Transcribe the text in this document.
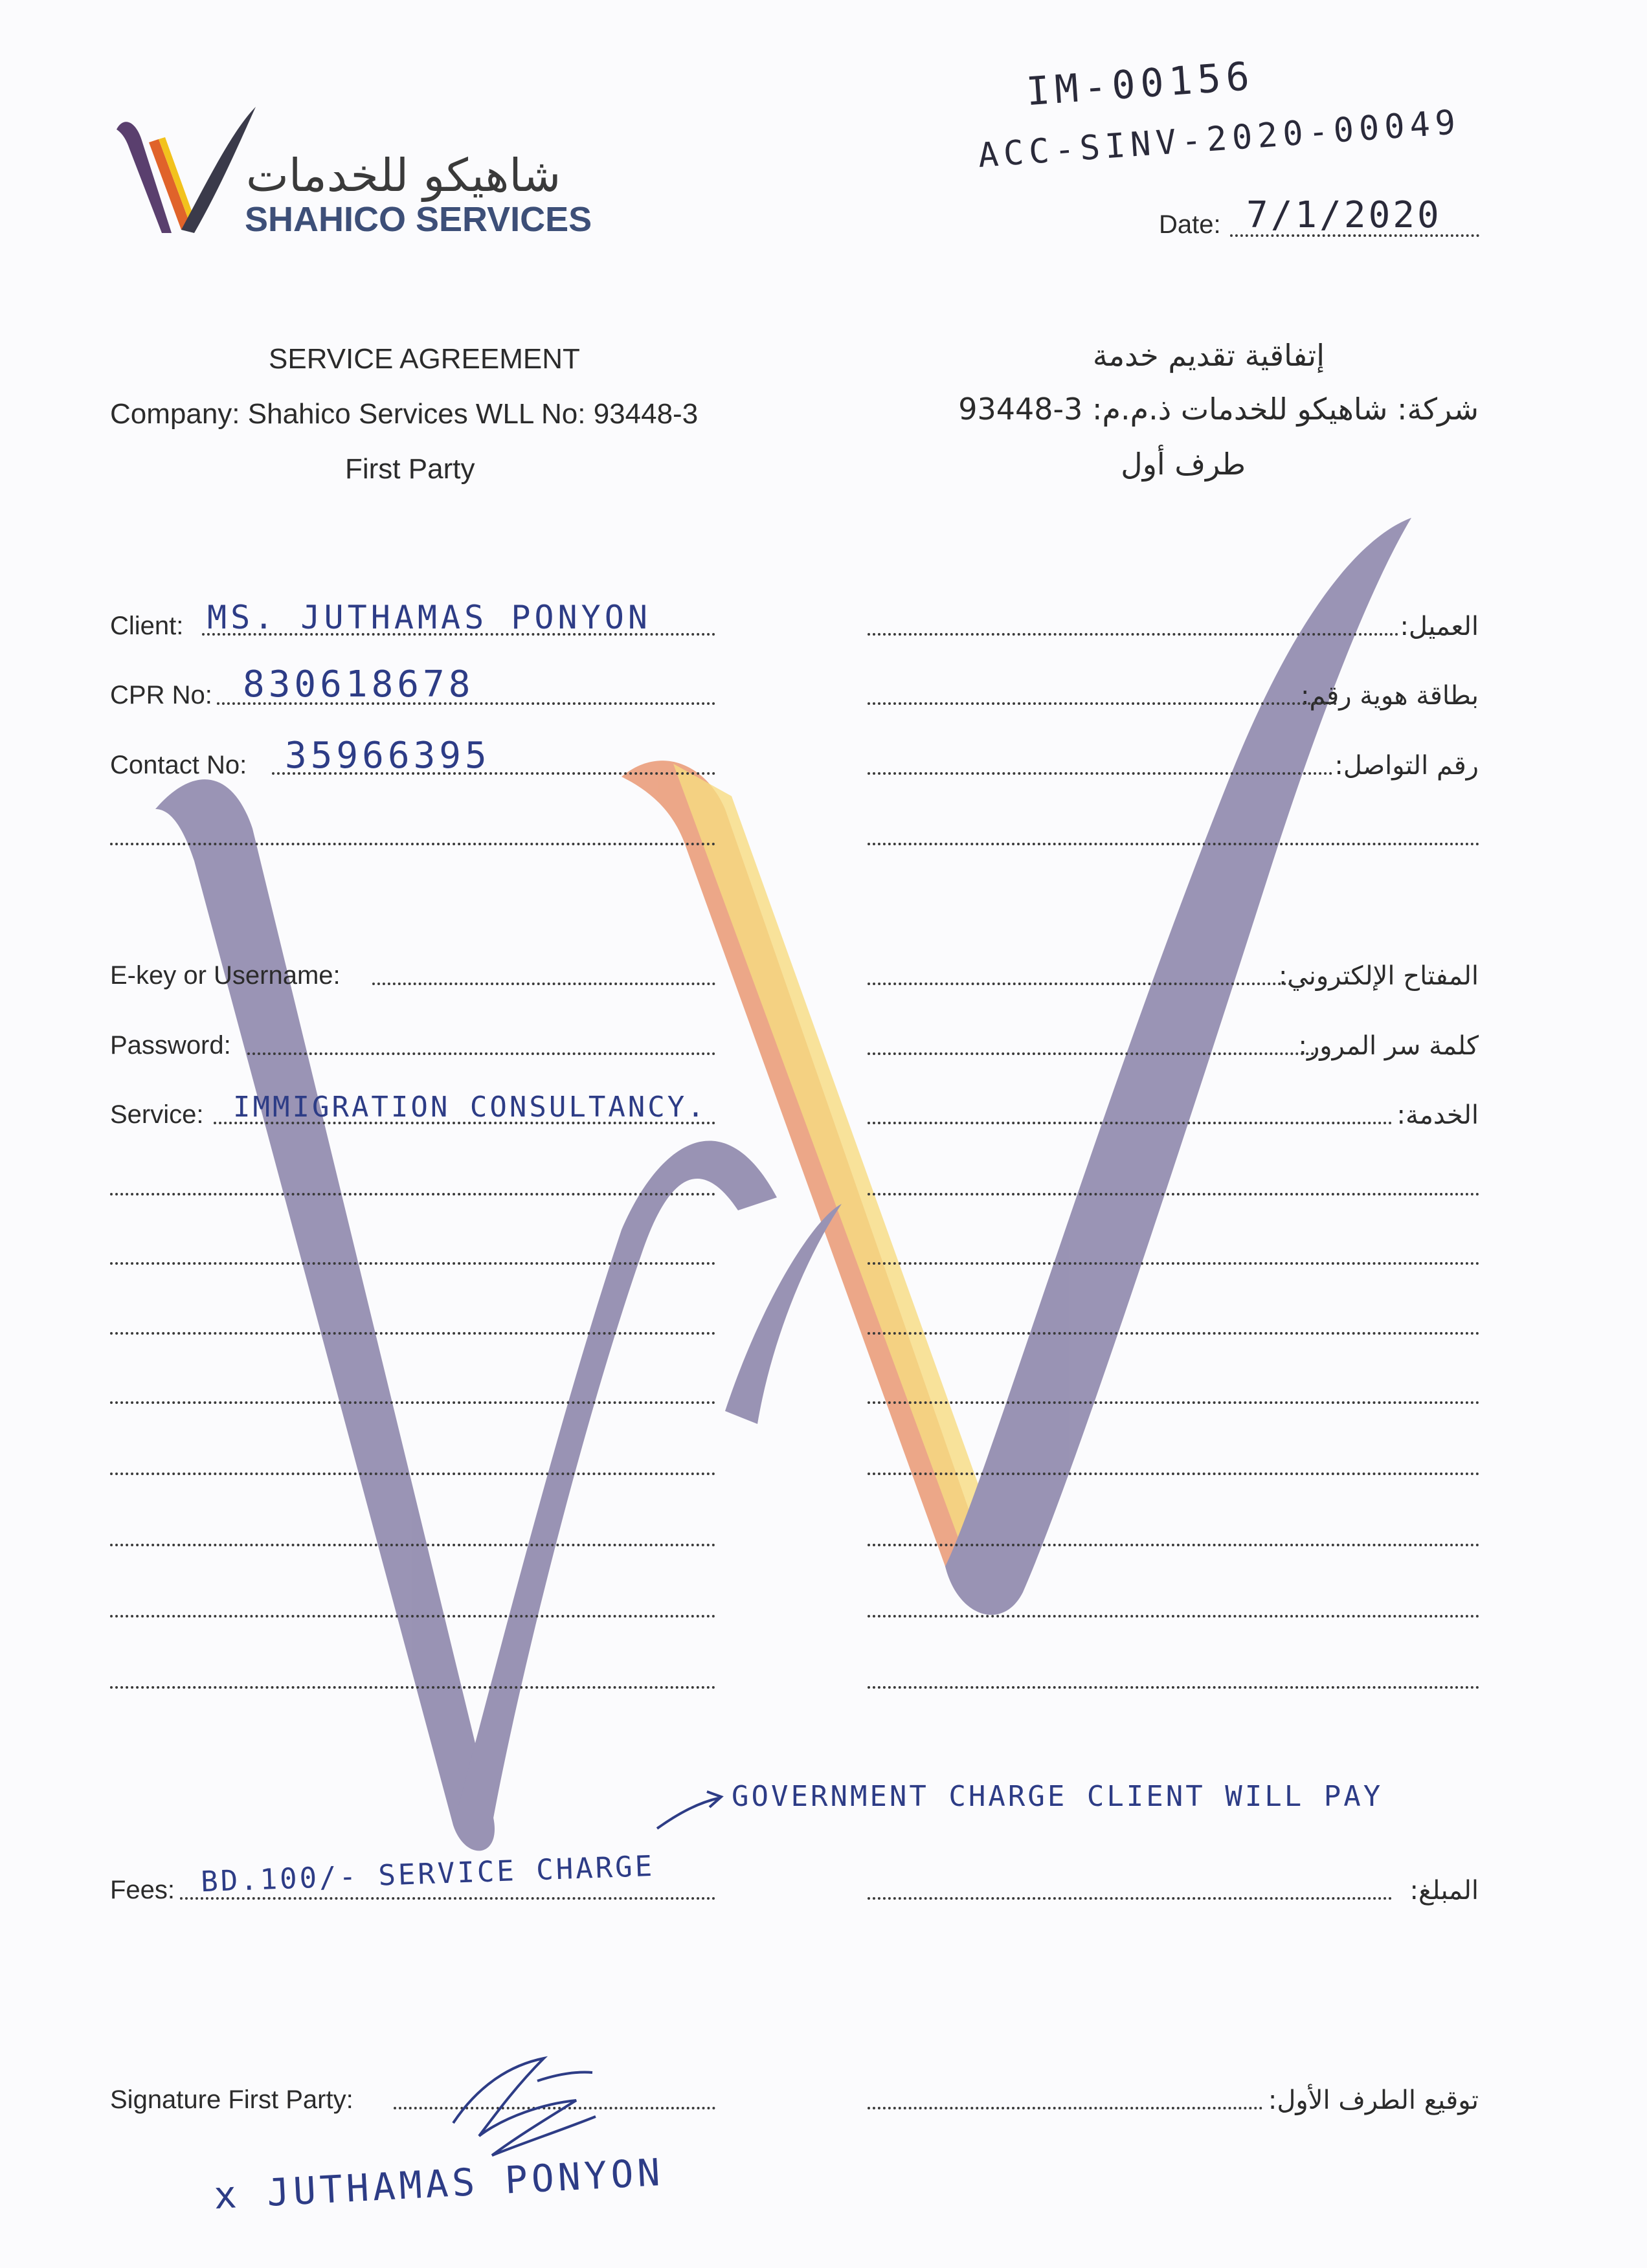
شاهيكو للخدمات
SHAHICO SERVICES
IM-00156
ACC-SINV-2020-00049
Date: 7/1/2020
SERVICE AGREEMENT
Company: Shahico Services WLL No: 93448-3
First Party
إتفاقية تقديم خدمة
شركة: شاهيكو للخدمات ذ.م.م: 3-93448
طرف أول
Client: MS. JUTHAMAS PONYON
CPR No: 830618678
Contact No: 35966395
E-key or Username:
Password:
Service: IMMIGRATION CONSULTANCY.
GOVERNMENT CHARGE CLIENT WILL PAY
Fees: BD.100/- SERVICE CHARGE
Signature First Party:
x JUTHAMAS PONYON
العميل:
بطاقة هوية رقم:
رقم التواصل:
المفتاح الإلكتروني:
كلمة سر المرور:
الخدمة:
المبلغ:
توقيع الطرف الأول:
